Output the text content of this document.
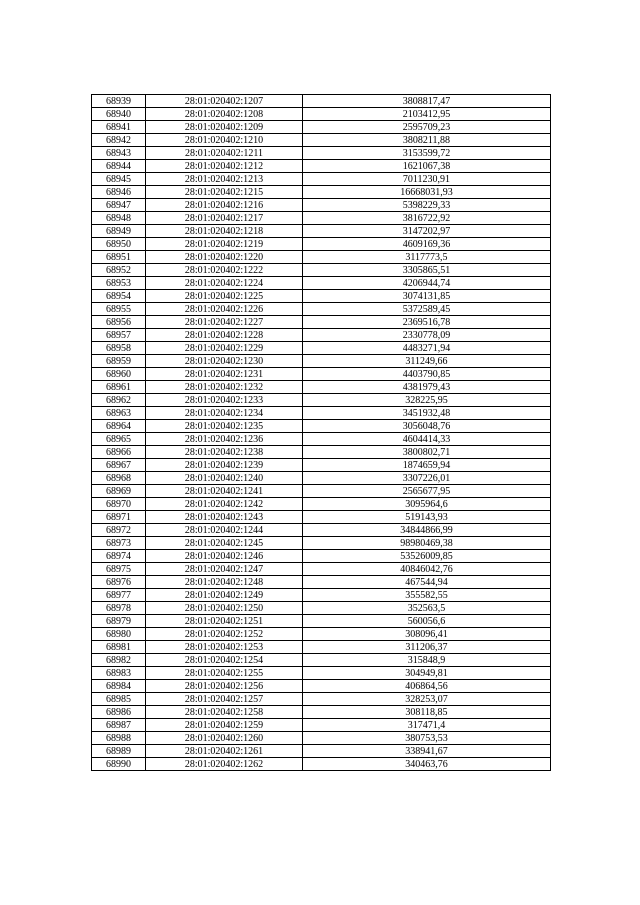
68939	28:01:020402:1207	3808817,47
68940	28:01:020402:1208	2103412,95
68941	28:01:020402:1209	2595709,23
68942	28:01:020402:1210	3808211,88
68943	28:01:020402:1211	3153599,72
68944	28:01:020402:1212	1621067,38
68945	28:01:020402:1213	7011230,91
68946	28:01:020402:1215	16668031,93
68947	28:01:020402:1216	5398229,33
68948	28:01:020402:1217	3816722,92
68949	28:01:020402:1218	3147202,97
68950	28:01:020402:1219	4609169,36
68951	28:01:020402:1220	3117773,5
68952	28:01:020402:1222	3305865,51
68953	28:01:020402:1224	4206944,74
68954	28:01:020402:1225	3074131,85
68955	28:01:020402:1226	5372589,45
68956	28:01:020402:1227	2369516,78
68957	28:01:020402:1228	2330778,09
68958	28:01:020402:1229	4483271,94
68959	28:01:020402:1230	311249,66
68960	28:01:020402:1231	4403790,85
68961	28:01:020402:1232	4381979,43
68962	28:01:020402:1233	328225,95
68963	28:01:020402:1234	3451932,48
68964	28:01:020402:1235	3056048,76
68965	28:01:020402:1236	4604414,33
68966	28:01:020402:1238	3800802,71
68967	28:01:020402:1239	1874659,94
68968	28:01:020402:1240	3307226,01
68969	28:01:020402:1241	2565677,95
68970	28:01:020402:1242	3095964,6
68971	28:01:020402:1243	519143,93
68972	28:01:020402:1244	34844866,99
68973	28:01:020402:1245	98980469,38
68974	28:01:020402:1246	53526009,85
68975	28:01:020402:1247	40846042,76
68976	28:01:020402:1248	467544,94
68977	28:01:020402:1249	355582,55
68978	28:01:020402:1250	352563,5
68979	28:01:020402:1251	560056,6
68980	28:01:020402:1252	308096,41
68981	28:01:020402:1253	311206,37
68982	28:01:020402:1254	315848,9
68983	28:01:020402:1255	304949,81
68984	28:01:020402:1256	406864,56
68985	28:01:020402:1257	328253,07
68986	28:01:020402:1258	308118,85
68987	28:01:020402:1259	317471,4
68988	28:01:020402:1260	380753,53
68989	28:01:020402:1261	338941,67
68990	28:01:020402:1262	340463,76
